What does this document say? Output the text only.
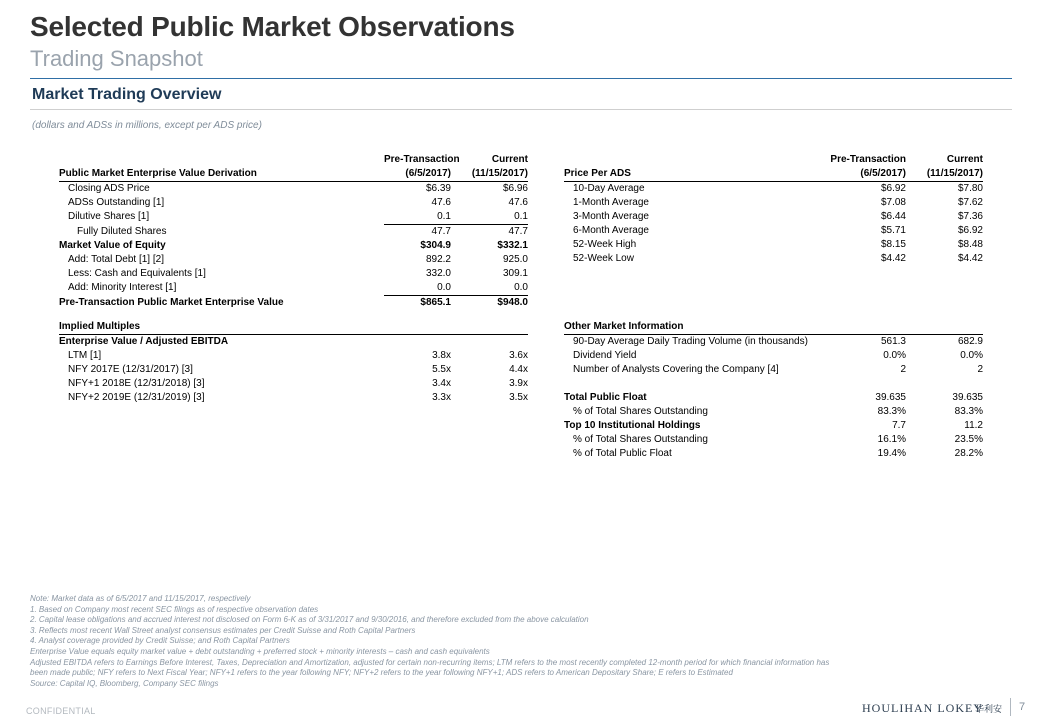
Selected Public Market Observations
Trading Snapshot
Market Trading Overview
(dollars and ADSs in millions, except per ADS price)
	Pre-Transaction	Current
Public Market Enterprise Value Derivation	(6/5/2017)	(11/15/2017)
Closing ADS Price	$6.39	$6.96
ADSs Outstanding [1]	47.6	47.6
Dilutive Shares [1]	0.1	0.1
Fully Diluted Shares	47.7	47.7
Market Value of Equity	$304.9	$332.1
Add: Total Debt [1] [2]	892.2	925.0
Less: Cash and Equivalents [1]	332.0	309.1
Add: Minority Interest [1]	0.0	0.0
Pre-Transaction Public Market Enterprise Value	$865.1	$948.0
	Pre-Transaction	Current
Price Per ADS	(6/5/2017)	(11/15/2017)
10-Day Average	$6.92	$7.80
1-Month Average	$7.08	$7.62
3-Month Average	$6.44	$7.36
6-Month Average	$5.71	$6.92
52-Week High	$8.15	$8.48
52-Week Low	$4.42	$4.42
Implied Multiples		
Enterprise Value / Adjusted EBITDA		
LTM [1]	3.8x	3.6x
NFY 2017E (12/31/2017) [3]	5.5x	4.4x
NFY+1 2018E (12/31/2018) [3]	3.4x	3.9x
NFY+2 2019E (12/31/2019) [3]	3.3x	3.5x
Other Market Information		
90-Day Average Daily Trading Volume (in thousands)	561.3	682.9
Dividend Yield	0.0%	0.0%
Number of Analysts Covering the Company [4]	2	2

Total Public Float	39.635	39.635
% of Total Shares Outstanding	83.3%	83.3%
Top 10 Institutional Holdings	7.7	11.2
% of Total Shares Outstanding	16.1%	23.5%
% of Total Public Float	19.4%	28.2%
Note: Market data as of 6/5/2017 and 11/15/2017, respectively
1. Based on Company most recent SEC filings as of respective observation dates
2. Capital lease obligations and accrued interest not disclosed on Form 6-K as of 3/31/2017 and 9/30/2016, and therefore excluded from the above calculation
3. Reflects most recent Wall Street analyst consensus estimates per Credit Suisse and Roth Capital Partners
4. Analyst coverage provided by Credit Suisse; and Roth Capital Partners
Enterprise Value equals equity market value + debt outstanding + preferred stock + minority interests – cash and cash equivalents
Adjusted EBITDA refers to Earnings Before Interest, Taxes, Depreciation and Amortization, adjusted for certain non-recurring items; LTM refers to the most recently completed 12-month period for which financial information has
been made public; NFY refers to Next Fiscal Year; NFY+1 refers to the year following NFY; NFY+2 refers to the year following NFY+1; ADS refers to American Depositary Share; E refers to Estimated
Source: Capital IQ, Bloomberg, Company SEC filings
CONFIDENTIAL	HOULIHAN LOKEY
华利安 7
